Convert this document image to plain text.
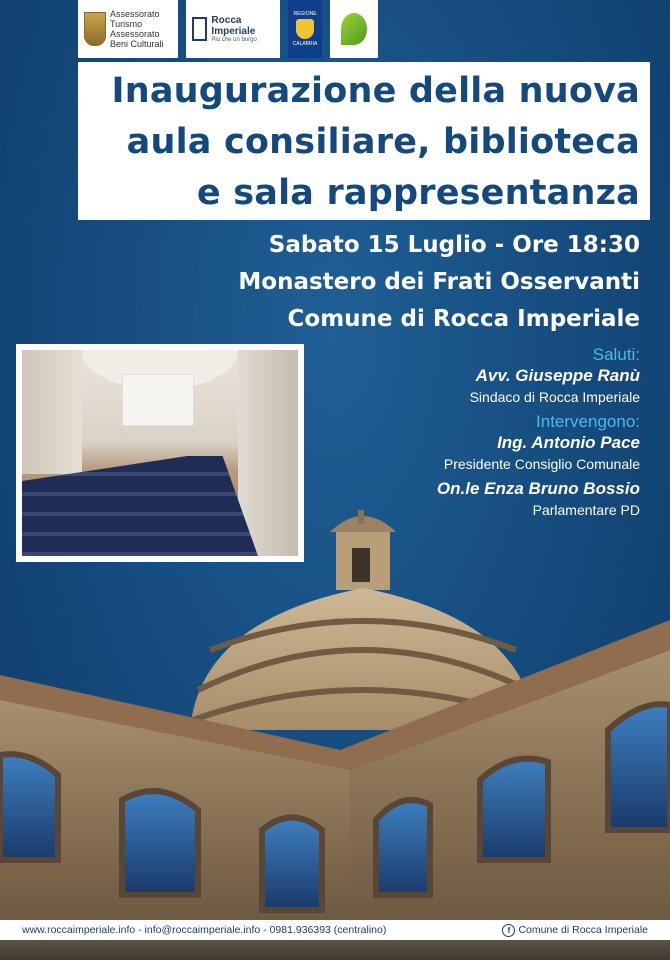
Assessorato
Turismo
Assessorato
Beni Culturali
Rocca Imperiale
Più che un borgo
REGIONE
CALABRIA
Inaugurazione della nuova
aula consiliare, biblioteca
e sala rappresentanza
Sabato 15 Luglio - Ore 18:30
Monastero dei Frati Osservanti
Comune di Rocca Imperiale
Saluti:
Avv. Giuseppe Ranù
Sindaco di Rocca Imperiale
Intervengono:
Ing. Antonio Pace
Presidente Consiglio Comunale
On.le Enza Bruno Bossio
Parlamentare PD
www.roccaimperiale.info - info@roccaimperiale.info - 0981.936393 (centralino)	f Comune di Rocca Imperiale
